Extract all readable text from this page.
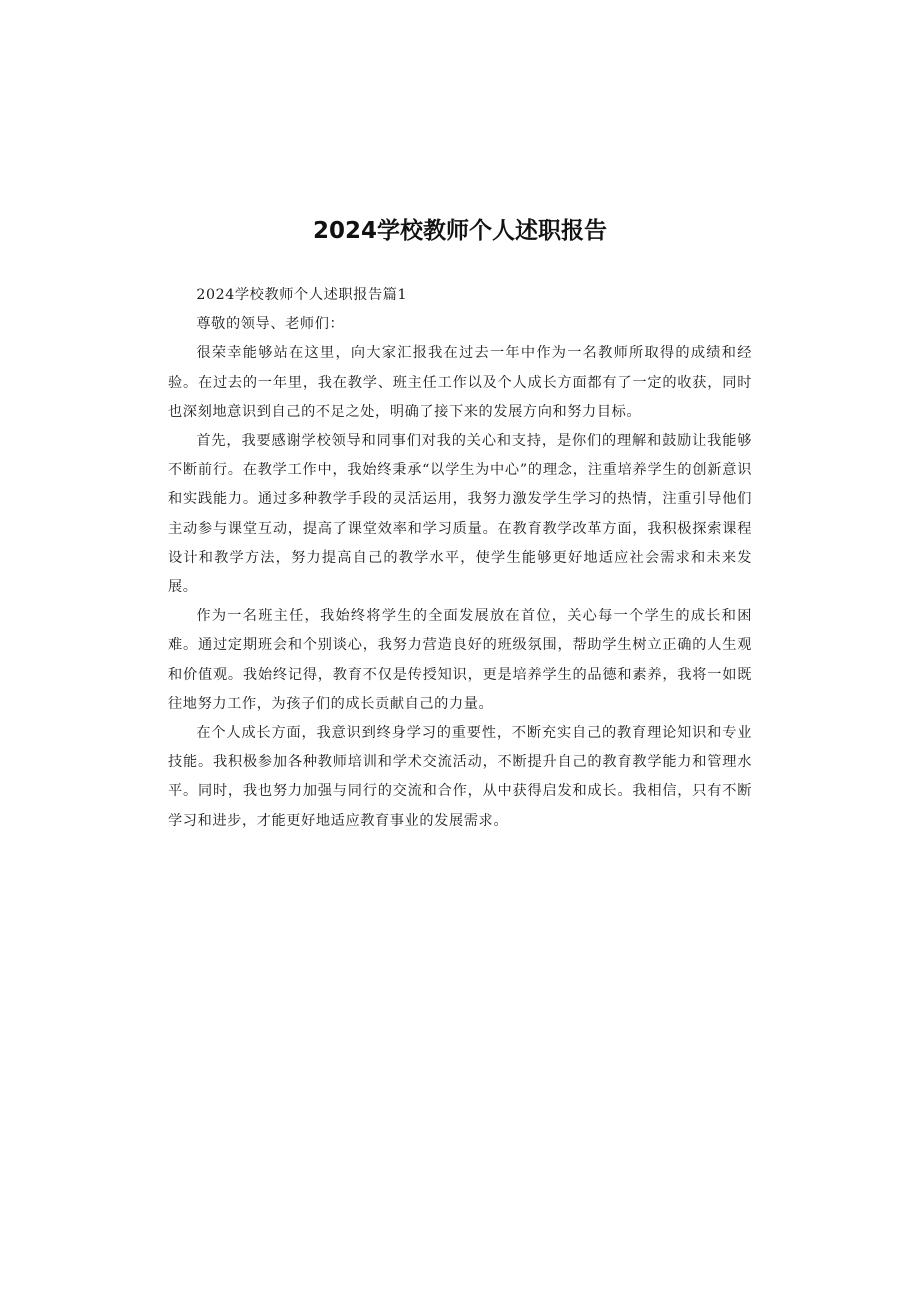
2024学校教师个人述职报告

2024学校教师个人述职报告篇1

尊敬的领导、老师们：

很荣幸能够站在这里，向大家汇报我在过去一年中作为一名教师所取得的成绩和经验。在过去的一年里，我在教学、班主任工作以及个人成长方面都有了一定的收获，同时也深刻地意识到自己的不足之处，明确了接下来的发展方向和努力目标。

首先，我要感谢学校领导和同事们对我的关心和支持，是你们的理解和鼓励让我能够不断前行。在教学工作中，我始终秉承“以学生为中心”的理念，注重培养学生的创新意识和实践能力。通过多种教学手段的灵活运用，我努力激发学生学习的热情，注重引导他们主动参与课堂互动，提高了课堂效率和学习质量。在教育教学改革方面，我积极探索课程设计和教学方法，努力提高自己的教学水平，使学生能够更好地适应社会需求和未来发展。

作为一名班主任，我始终将学生的全面发展放在首位，关心每一个学生的成长和困难。通过定期班会和个别谈心，我努力营造良好的班级氛围，帮助学生树立正确的人生观和价值观。我始终记得，教育不仅是传授知识，更是培养学生的品德和素养，我将一如既往地努力工作，为孩子们的成长贡献自己的力量。

在个人成长方面，我意识到终身学习的重要性，不断充实自己的教育理论知识和专业技能。我积极参加各种教师培训和学术交流活动，不断提升自己的教育教学能力和管理水平。同时，我也努力加强与同行的交流和合作，从中获得启发和成长。我相信，只有不断学习和进步，才能更好地适应教育事业的发展需求。
